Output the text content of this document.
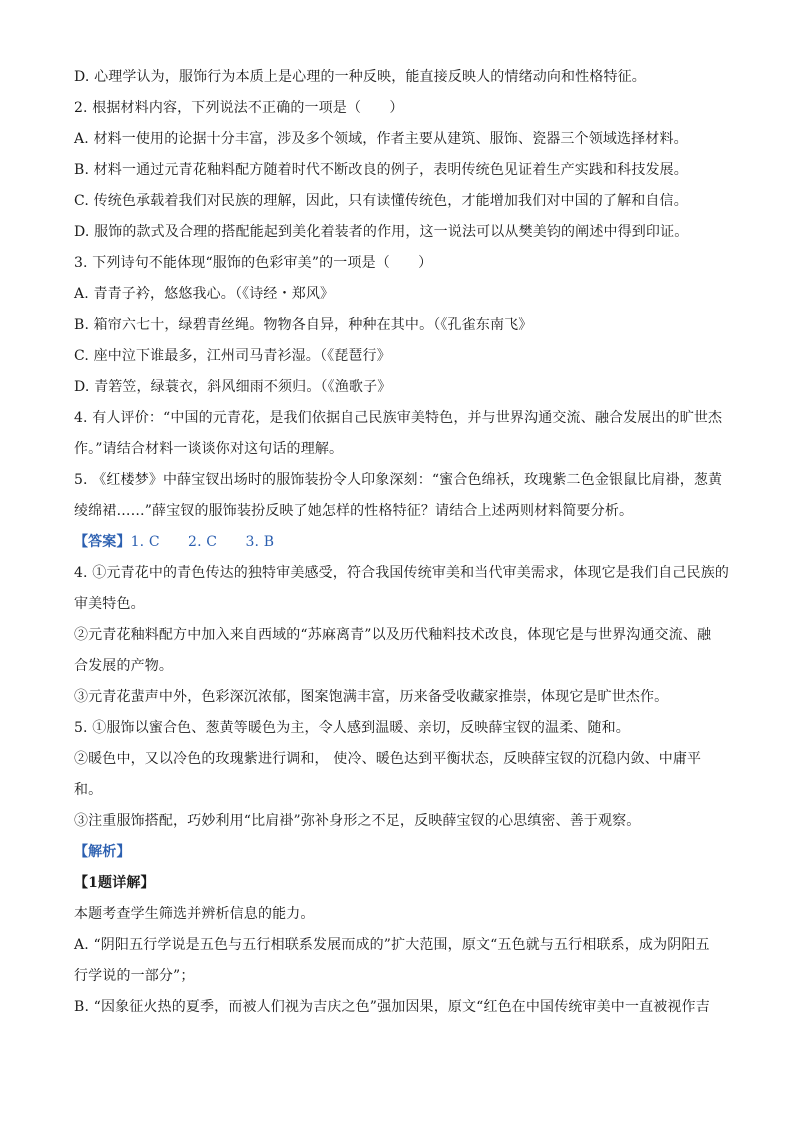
D. 心理学认为，服饰行为本质上是心理的一种反映，能直接反映人的情绪动向和性格特征。
2. 根据材料内容，下列说法不正确的一项是（　　）
A. 材料一使用的论据十分丰富，涉及多个领域，作者主要从建筑、服饰、瓷器三个领域选择材料。
B. 材料一通过元青花釉料配方随着时代不断改良的例子，表明传统色见证着生产实践和科技发展。
C. 传统色承载着我们对民族的理解，因此，只有读懂传统色，才能增加我们对中国的了解和自信。
D. 服饰的款式及合理的搭配能起到美化着装者的作用，这一说法可以从樊美钧的阐述中得到印证。
3. 下列诗句不能体现“服饰的色彩审美”的一项是（　　）
A. 青青子衿，悠悠我心。（《诗经・郑风》
B. 箱帘六七十，绿碧青丝绳。物物各自异，种种在其中。（《孔雀东南飞》
C. 座中泣下谁最多，江州司马青衫湿。（《琵琶行》
D. 青箬笠，绿蓑衣，斜风细雨不须归。（《渔歌子》
4. 有人评价：“中国的元青花，是我们依据自己民族审美特色，并与世界沟通交流、融合发展出的旷世杰
作。”请结合材料一谈谈你对这句话的理解。
5. 《红楼梦》中薛宝钗出场时的服饰装扮令人印象深刻：“蜜合色绵袄，玫瑰紫二色金银鼠比肩褂，葱黄
绫绵裙……”薛宝钗的服饰装扮反映了她怎样的性格特征？请结合上述两则材料简要分析。
【答案】1. C　　2. C　　3. B
4. ①元青花中的青色传达的独特审美感受，符合我国传统审美和当代审美需求，体现它是我们自己民族的
审美特色。
②元青花釉料配方中加入来自西域的“苏麻离青”以及历代釉料技术改良，体现它是与世界沟通交流、融
合发展的产物。
③元青花蜚声中外，色彩深沉浓郁，图案饱满丰富，历来备受收藏家推崇，体现它是旷世杰作。
5. ①服饰以蜜合色、葱黄等暖色为主，令人感到温暖、亲切，反映薛宝钗的温柔、随和。
②暖色中，又以冷色的玫瑰紫进行调和， 使冷、暖色达到平衡状态，反映薛宝钗的沉稳内敛、中庸平
和。
③注重服饰搭配，巧妙利用“比肩褂”弥补身形之不足，反映薛宝钗的心思缜密、善于观察。
【解析】
【1题详解】
本题考查学生筛选并辨析信息的能力。
A. “阴阳五行学说是五色与五行相联系发展而成的”扩大范围，原文“五色就与五行相联系，成为阴阳五
行学说的一部分”；
B. “因象征火热的夏季，而被人们视为吉庆之色”强加因果，原文“红色在中国传统审美中一直被视作吉
